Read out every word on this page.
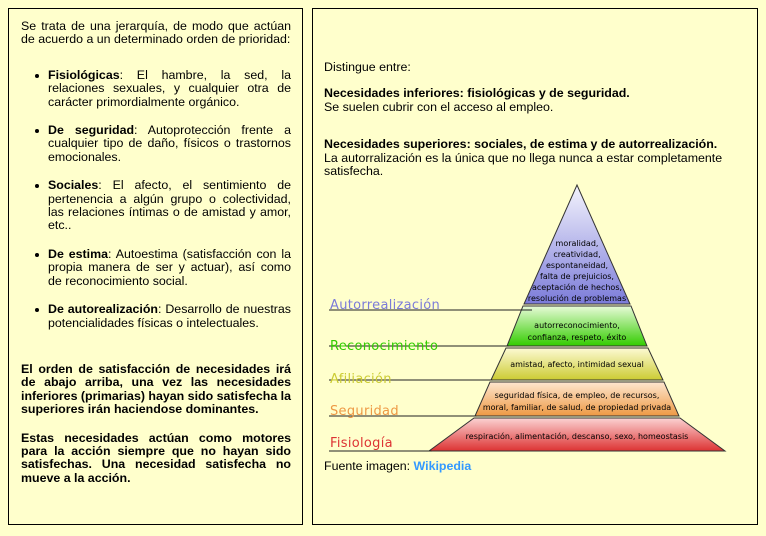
Se trata de una jerarquía, de modo que actúan de acuerdo a un determinado orden de prioridad:

Fisiológicas: El hambre, la sed, la relaciones sexuales, y cualquier otra de carácter primordialmente orgánico.
De seguridad: Autoprotección frente a cualquier tipo de daño, físicos o trastornos emocionales.
Sociales: El afecto, el sentimiento de pertenencia a algún grupo o colectividad, las relaciones íntimas o de amistad y amor, etc..
De estima: Autoestima (satisfacción con la propia manera de ser y actuar), así como de reconocimiento social.
De autorealización: Desarrollo de nuestras potencialidades físicas o intelectuales.

El orden de satisfacción de necesidades irá de abajo arriba, una vez las necesidades inferiores (primarias) hayan sido satisfecha la superiores irán haciendose dominantes.

Estas necesidades actúan como motores para la acción siempre que no hayan sido satisfechas. Una necesidad satisfecha no mueve a la acción.

Distingue entre:

Necesidades inferiores: fisiológicas y de seguridad.

Se suelen cubrir con el acceso al empleo.

Necesidades superiores: sociales, de estima y de autorrealización.

La autorralización es la única que no llega nunca a estar completamente satisfecha.

Autorrealización
Reconocimiento
Afiliación
Seguridad
Fisiología
moralidad,
creatividad,
espontaneidad,
falta de prejuicios,
aceptación de hechos,
resolución de problemas
autorreconocimiento,
confianza, respeto, éxito
amistad, afecto, intimidad sexual
seguridad física, de empleo, de recursos,
moral, familiar, de salud, de propiedad privada
respiración, alimentación, descanso, sexo, homeostasis

Fuente imagen: Wikipedia
